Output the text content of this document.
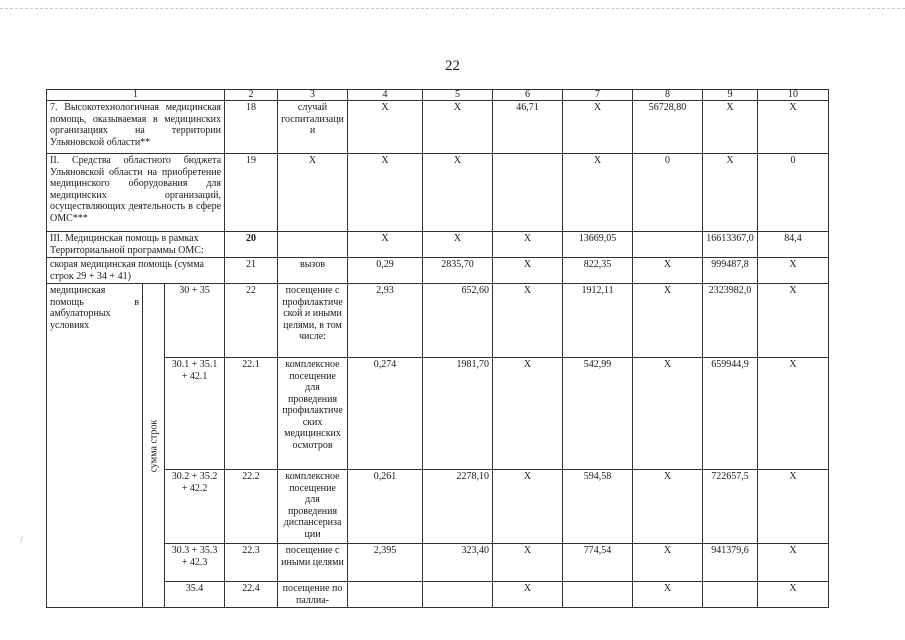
22
1			2	3	4	5	6	7	8	9	10
7. Высокотехнологичная медицинская помощь, оказываемая в медицинских организациях на территории Ульяновской области**			18	случай госпитализации	Х	Х	46,71	Х	56728,80	Х	Х
II. Средства областного бюджета Ульяновской области на приобретение медицинского оборудования для медицинских организаций, осуществляющих деятельность в сфере ОМС***			19	Х	Х	Х		Х	0	Х	0
III. Медицинская помощь в рамках Территориальной программы ОМС:			20		Х	Х	Х	13669,05		16613367,0	84,4
скорая медицинская помощь (сумма строк 29 + 34 + 41)			21	вызов	0,29	2835,70	Х	822,35	Х	999487,8	Х
медицинская помощь в амбулаторных условиях	сумма строк	30 + 35	22	посещение с профилактической и иными целями, в том числе:	2,93	652,60	Х	1912,11	Х	2323982,0	Х
		30.1 + 35.1 + 42.1	22.1	комплексное посещение для проведения профилактических медицинских осмотров	0,274	1981,70	Х	542,99	Х	659944,9	Х
		30.2 + 35.2 + 42.2	22.2	комплексное посещение для проведения диспансеризации	0,261	2278,10	Х	594,58	Х	722657,5	Х
		30.3 + 35.3 + 42.3	22.3	посещение с иными целями	2,395	323,40	Х	774,54	Х	941379,6	Х
		35.4	22.4	посещение по паллиа-			Х		Х		Х
/
